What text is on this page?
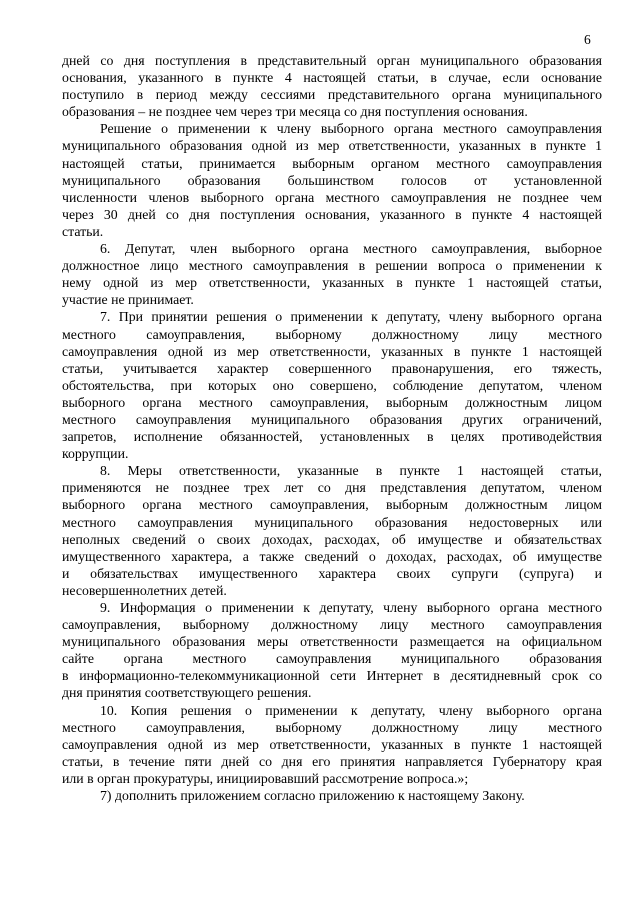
6
дней со дня поступления в представительный орган муниципального образования
основания, указанного в пункте 4 настоящей статьи, в случае, если основание
поступило в период между сессиями представительного органа муниципального
образования – не позднее чем через три месяца со дня поступления основания.
Решение о применении к члену выборного органа местного самоуправления
муниципального образования одной из мер ответственности, указанных в пункте 1
настоящей статьи, принимается выборным органом местного самоуправления
муниципального образования большинством голосов от установленной
численности членов выборного органа местного самоуправления не позднее чем
через 30 дней со дня поступления основания, указанного в пункте 4 настоящей
статьи.
6. Депутат, член выборного органа местного самоуправления, выборное
должностное лицо местного самоуправления в решении вопроса о применении к
нему одной из мер ответственности, указанных в пункте 1 настоящей статьи,
участие не принимает.
7. При принятии решения о применении к депутату, члену выборного органа
местного самоуправления, выборному должностному лицу местного
самоуправления одной из мер ответственности, указанных в пункте 1 настоящей
статьи, учитывается характер совершенного правонарушения, его тяжесть,
обстоятельства, при которых оно совершено, соблюдение депутатом, членом
выборного органа местного самоуправления, выборным должностным лицом
местного самоуправления муниципального образования других ограничений,
запретов, исполнение обязанностей, установленных в целях противодействия
коррупции.
8. Меры ответственности, указанные в пункте 1 настоящей статьи,
применяются не позднее трех лет со дня представления депутатом, членом
выборного органа местного самоуправления, выборным должностным лицом
местного самоуправления муниципального образования недостоверных или
неполных сведений о своих доходах, расходах, об имуществе и обязательствах
имущественного характера, а также сведений о доходах, расходах, об имуществе
и обязательствах имущественного характера своих супруги (супруга) и
несовершеннолетних детей.
9. Информация о применении к депутату, члену выборного органа местного
самоуправления, выборному должностному лицу местного самоуправления
муниципального образования меры ответственности размещается на официальном
сайте органа местного самоуправления муниципального образования
в информационно-телекоммуникационной сети Интернет в десятидневный срок со
дня принятия соответствующего решения.
10. Копия решения о применении к депутату, члену выборного органа
местного самоуправления, выборному должностному лицу местного
самоуправления одной из мер ответственности, указанных в пункте 1 настоящей
статьи, в течение пяти дней со дня его принятия направляется Губернатору края
или в орган прокуратуры, инициировавший рассмотрение вопроса.»;
7) дополнить приложением согласно приложению к настоящему Закону.
